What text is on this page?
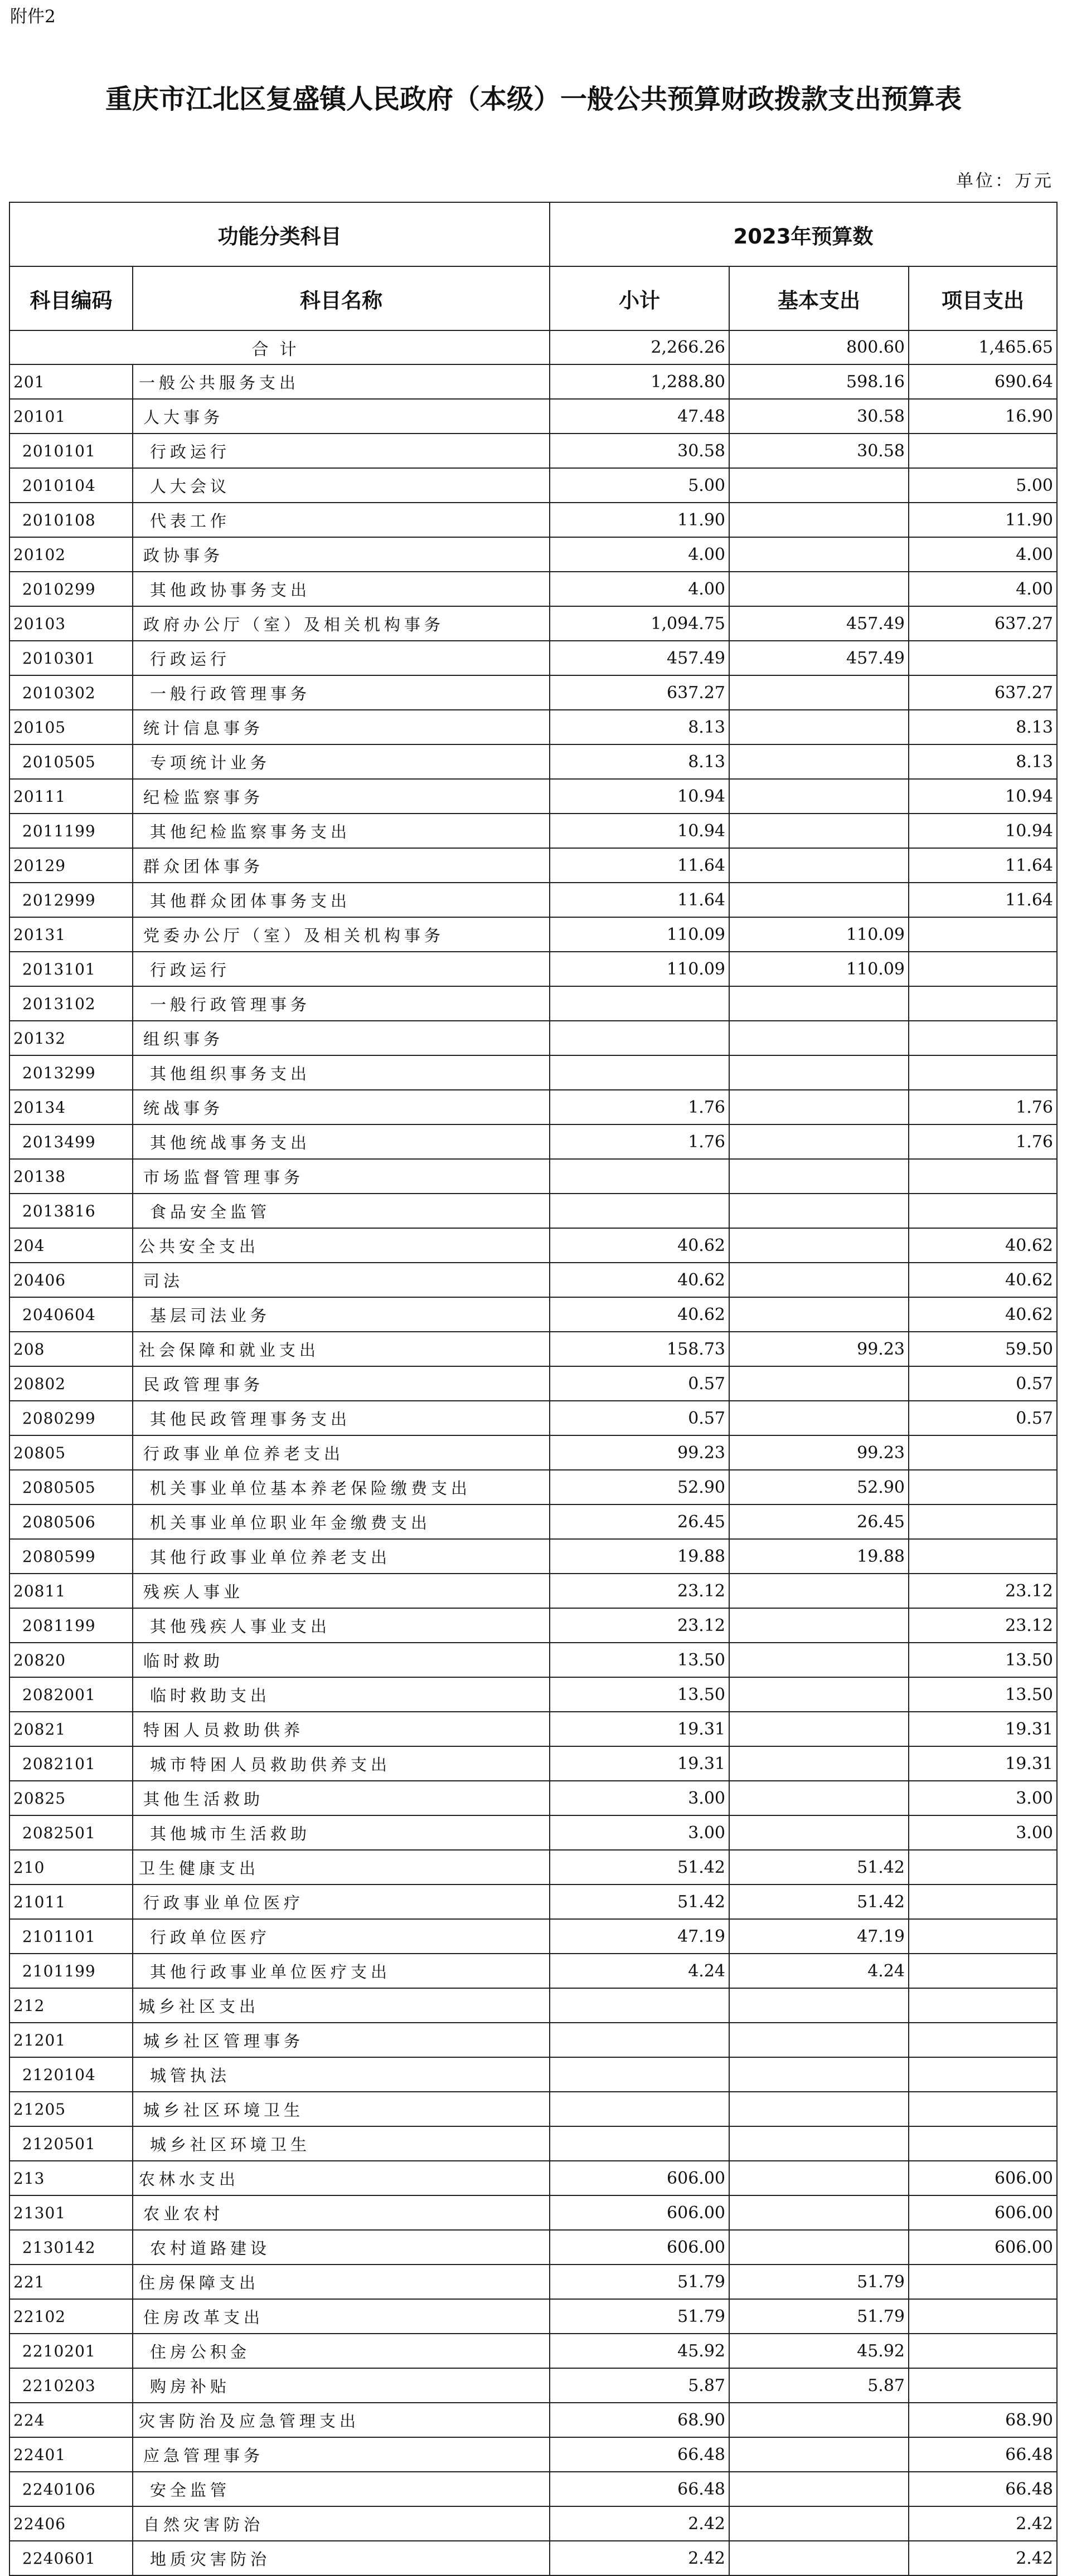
附件2
重庆市江北区复盛镇人民政府（本级）一般公共预算财政拨款支出预算表
单位：万元
功能分类科目		2023年预算数		
科目编码	科目名称	小计	基本支出	项目支出
合计		2,266.26	800.60	1,465.65
201	一般公共服务支出	1,288.80	598.16	690.64
20101	人大事务	47.48	30.58	16.90
2010101	行政运行	30.58	30.58	
2010104	人大会议	5.00		5.00
2010108	代表工作	11.90		11.90
20102	政协事务	4.00		4.00
2010299	其他政协事务支出	4.00		4.00
20103	政府办公厅（室）及相关机构事务	1,094.75	457.49	637.27
2010301	行政运行	457.49	457.49	
2010302	一般行政管理事务	637.27		637.27
20105	统计信息事务	8.13		8.13
2010505	专项统计业务	8.13		8.13
20111	纪检监察事务	10.94		10.94
2011199	其他纪检监察事务支出	10.94		10.94
20129	群众团体事务	11.64		11.64
2012999	其他群众团体事务支出	11.64		11.64
20131	党委办公厅（室）及相关机构事务	110.09	110.09	
2013101	行政运行	110.09	110.09	
2013102	一般行政管理事务			
20132	组织事务			
2013299	其他组织事务支出			
20134	统战事务	1.76		1.76
2013499	其他统战事务支出	1.76		1.76
20138	市场监督管理事务			
2013816	食品安全监管			
204	公共安全支出	40.62		40.62
20406	司法	40.62		40.62
2040604	基层司法业务	40.62		40.62
208	社会保障和就业支出	158.73	99.23	59.50
20802	民政管理事务	0.57		0.57
2080299	其他民政管理事务支出	0.57		0.57
20805	行政事业单位养老支出	99.23	99.23	
2080505	机关事业单位基本养老保险缴费支出	52.90	52.90	
2080506	机关事业单位职业年金缴费支出	26.45	26.45	
2080599	其他行政事业单位养老支出	19.88	19.88	
20811	残疾人事业	23.12		23.12
2081199	其他残疾人事业支出	23.12		23.12
20820	临时救助	13.50		13.50
2082001	临时救助支出	13.50		13.50
20821	特困人员救助供养	19.31		19.31
2082101	城市特困人员救助供养支出	19.31		19.31
20825	其他生活救助	3.00		3.00
2082501	其他城市生活救助	3.00		3.00
210	卫生健康支出	51.42	51.42	
21011	行政事业单位医疗	51.42	51.42	
2101101	行政单位医疗	47.19	47.19	
2101199	其他行政事业单位医疗支出	4.24	4.24	
212	城乡社区支出			
21201	城乡社区管理事务			
2120104	城管执法			
21205	城乡社区环境卫生			
2120501	城乡社区环境卫生			
213	农林水支出	606.00		606.00
21301	农业农村	606.00		606.00
2130142	农村道路建设	606.00		606.00
221	住房保障支出	51.79	51.79	
22102	住房改革支出	51.79	51.79	
2210201	住房公积金	45.92	45.92	
2210203	购房补贴	5.87	5.87	
224	灾害防治及应急管理支出	68.90		68.90
22401	应急管理事务	66.48		66.48
2240106	安全监管	66.48		66.48
22406	自然灾害防治	2.42		2.42
2240601	地质灾害防治	2.42		2.42
